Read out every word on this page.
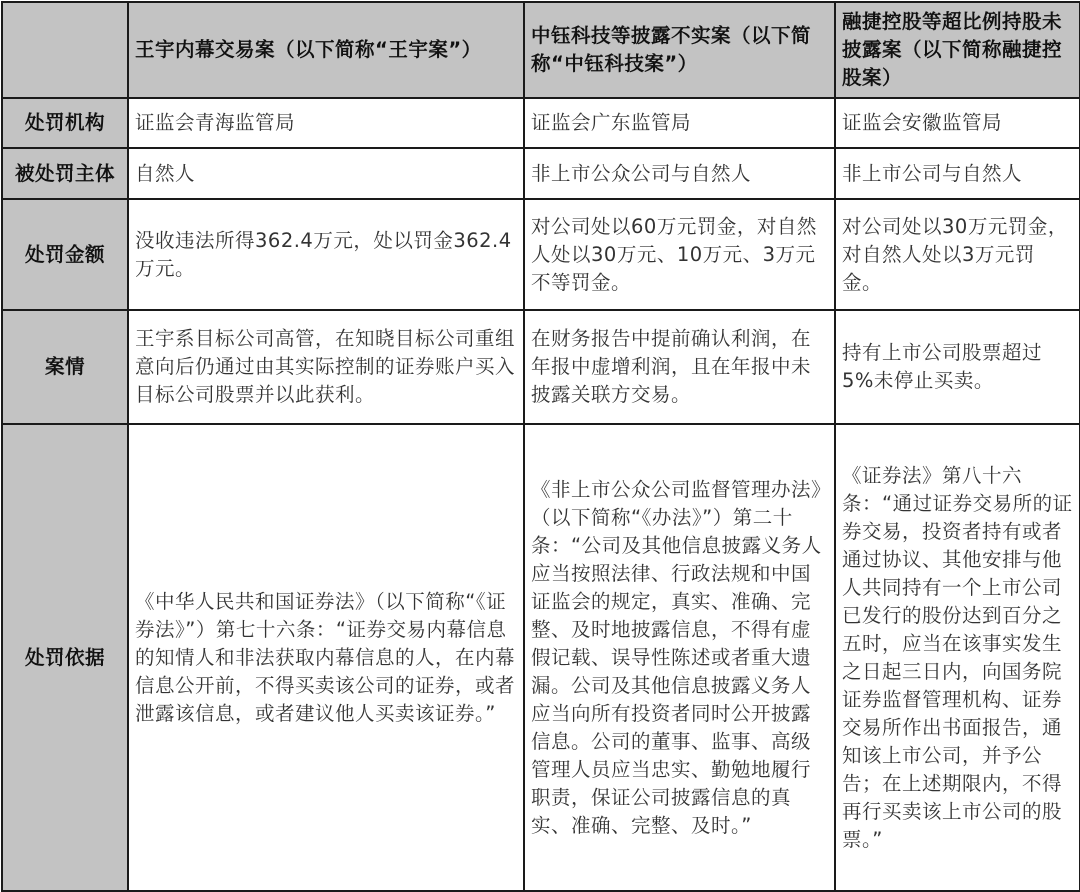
	王宇内幕交易案（以下简称“王宇案”）	中钰科技等披露不实案（以下简称“中钰科技案”）	融捷控股等超比例持股未披露案（以下简称融捷控股案）
处罚机构	证监会青海监管局	证监会广东监管局	证监会安徽监管局
被处罚主体	自然人	非上市公众公司与自然人	非上市公司与自然人
处罚金额	没收违法所得362.4万元，处以罚金362.4万元。	对公司处以60万元罚金，对自然人处以30万元、10万元、3万元不等罚金。	对公司处以30万元罚金，对自然人处以3万元罚金。
案情	王宇系目标公司高管，在知晓目标公司重组意向后仍通过由其实际控制的证券账户买入目标公司股票并以此获利。	在财务报告中提前确认利润，在年报中虚增利润，且在年报中未披露关联方交易。	持有上市公司股票超过5%未停止买卖。
处罚依据	《中华人民共和国证券法》（以下简称“《证券法》”）第七十六条：“证券交易内幕信息的知情人和非法获取内幕信息的人，在内幕信息公开前，不得买卖该公司的证券，或者泄露该信息，或者建议他人买卖该证券。”	《非上市公众公司监督管理办法》（以下简称“《办法》”）第二十条：“公司及其他信息披露义务人应当按照法律、行政法规和中国证监会的规定，真实、准确、完整、及时地披露信息，不得有虚假记载、误导性陈述或者重大遗漏。公司及其他信息披露义务人应当向所有投资者同时公开披露信息。公司的董事、监事、高级管理人员应当忠实、勤勉地履行职责，保证公司披露信息的真实、准确、完整、及时。”	《证券法》第八十六条：“通过证券交易所的证券交易，投资者持有或者通过协议、其他安排与他人共同持有一个上市公司已发行的股份达到百分之五时，应当在该事实发生之日起三日内，向国务院证券监督管理机构、证券交易所作出书面报告，通知该上市公司，并予公告；在上述期限内，不得再行买卖该上市公司的股票。”
